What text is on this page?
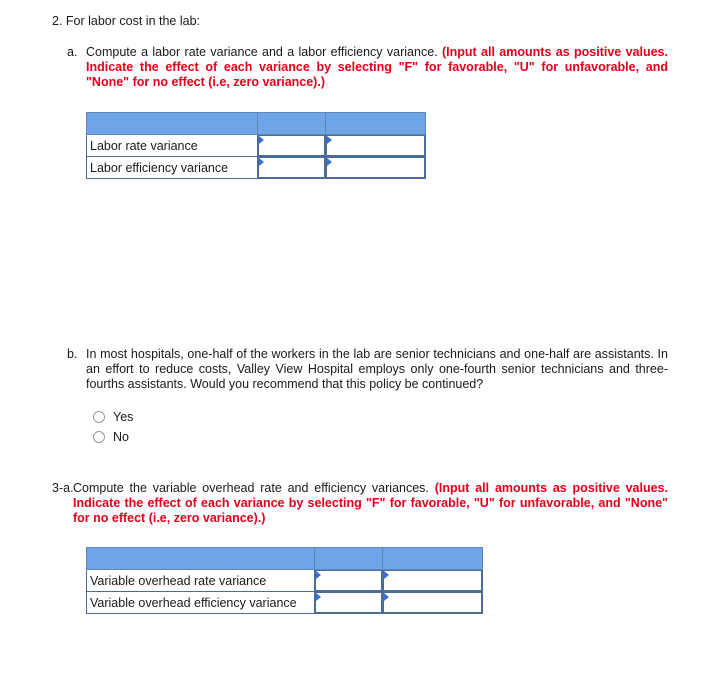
2. For labor cost in the lab:
a. Compute a labor rate variance and a labor efficiency variance. (Input all amounts as positive values. Indicate the effect of each variance by selecting "F" for favorable, "U" for unfavorable, and "None" for no effect (i.e, zero variance).)

Labor rate variance	

Labor efficiency variance	

b. In most hospitals, one-half of the workers in the lab are senior technicians and one-half are assistants. In an effort to reduce costs, Valley View Hospital employs only one-fourth senior technicians and three-fourths assistants. Would you recommend that this policy be continued?
Yes
No
3-a. Compute the variable overhead rate and efficiency variances. (Input all amounts as positive values. Indicate the effect of each variance by selecting "F" for favorable, "U" for unfavorable, and "None" for no effect (i.e, zero variance).)

Variable overhead rate variance	

Variable overhead efficiency variance	
